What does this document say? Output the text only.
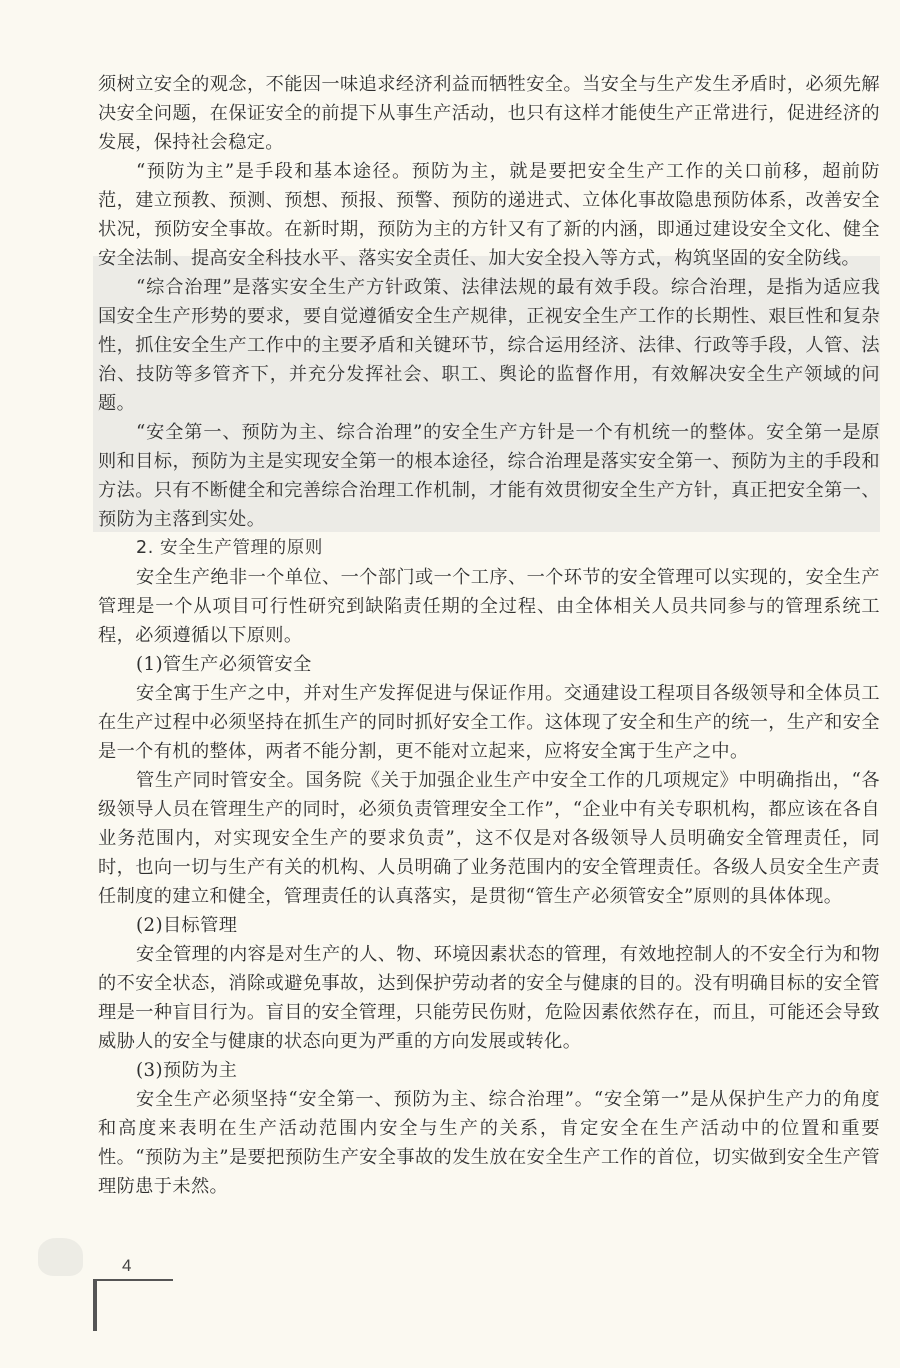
须树立安全的观念，不能因一味追求经济利益而牺牲安全。当安全与生产发生矛盾时，必须先解决安全问题，在保证安全的前提下从事生产活动，也只有这样才能使生产正常进行，促进经济的发展，保持社会稳定。

“预防为主”是手段和基本途径。预防为主，就是要把安全生产工作的关口前移，超前防范，建立预教、预测、预想、预报、预警、预防的递进式、立体化事故隐患预防体系，改善安全状况，预防安全事故。在新时期，预防为主的方针又有了新的内涵，即通过建设安全文化、健全安全法制、提高安全科技水平、落实安全责任、加大安全投入等方式，构筑坚固的安全防线。

“综合治理”是落实安全生产方针政策、法律法规的最有效手段。综合治理，是指为适应我国安全生产形势的要求，要自觉遵循安全生产规律，正视安全生产工作的长期性、艰巨性和复杂性，抓住安全生产工作中的主要矛盾和关键环节，综合运用经济、法律、行政等手段，人管、法治、技防等多管齐下，并充分发挥社会、职工、舆论的监督作用，有效解决安全生产领域的问题。

“安全第一、预防为主、综合治理”的安全生产方针是一个有机统一的整体。安全第一是原则和目标，预防为主是实现安全第一的根本途径，综合治理是落实安全第一、预防为主的手段和方法。只有不断健全和完善综合治理工作机制，才能有效贯彻安全生产方针，真正把安全第一、预防为主落到实处。

2. 安全生产管理的原则

安全生产绝非一个单位、一个部门或一个工序、一个环节的安全管理可以实现的，安全生产管理是一个从项目可行性研究到缺陷责任期的全过程、由全体相关人员共同参与的管理系统工程，必须遵循以下原则。

(1)管生产必须管安全

安全寓于生产之中，并对生产发挥促进与保证作用。交通建设工程项目各级领导和全体员工在生产过程中必须坚持在抓生产的同时抓好安全工作。这体现了安全和生产的统一，生产和安全是一个有机的整体，两者不能分割，更不能对立起来，应将安全寓于生产之中。

管生产同时管安全。国务院《关于加强企业生产中安全工作的几项规定》中明确指出，“各级领导人员在管理生产的同时，必须负责管理安全工作”，“企业中有关专职机构，都应该在各自业务范围内，对实现安全生产的要求负责”，这不仅是对各级领导人员明确安全管理责任，同时，也向一切与生产有关的机构、人员明确了业务范围内的安全管理责任。各级人员安全生产责任制度的建立和健全，管理责任的认真落实，是贯彻“管生产必须管安全”原则的具体体现。

(2)目标管理

安全管理的内容是对生产的人、物、环境因素状态的管理，有效地控制人的不安全行为和物的不安全状态，消除或避免事故，达到保护劳动者的安全与健康的目的。没有明确目标的安全管理是一种盲目行为。盲目的安全管理，只能劳民伤财，危险因素依然存在，而且，可能还会导致威胁人的安全与健康的状态向更为严重的方向发展或转化。

(3)预防为主

安全生产必须坚持“安全第一、预防为主、综合治理”。“安全第一”是从保护生产力的角度和高度来表明在生产活动范围内安全与生产的关系，肯定安全在生产活动中的位置和重要性。“预防为主”是要把预防生产安全事故的发生放在安全生产工作的首位，切实做到安全生产管理防患于未然。

4
